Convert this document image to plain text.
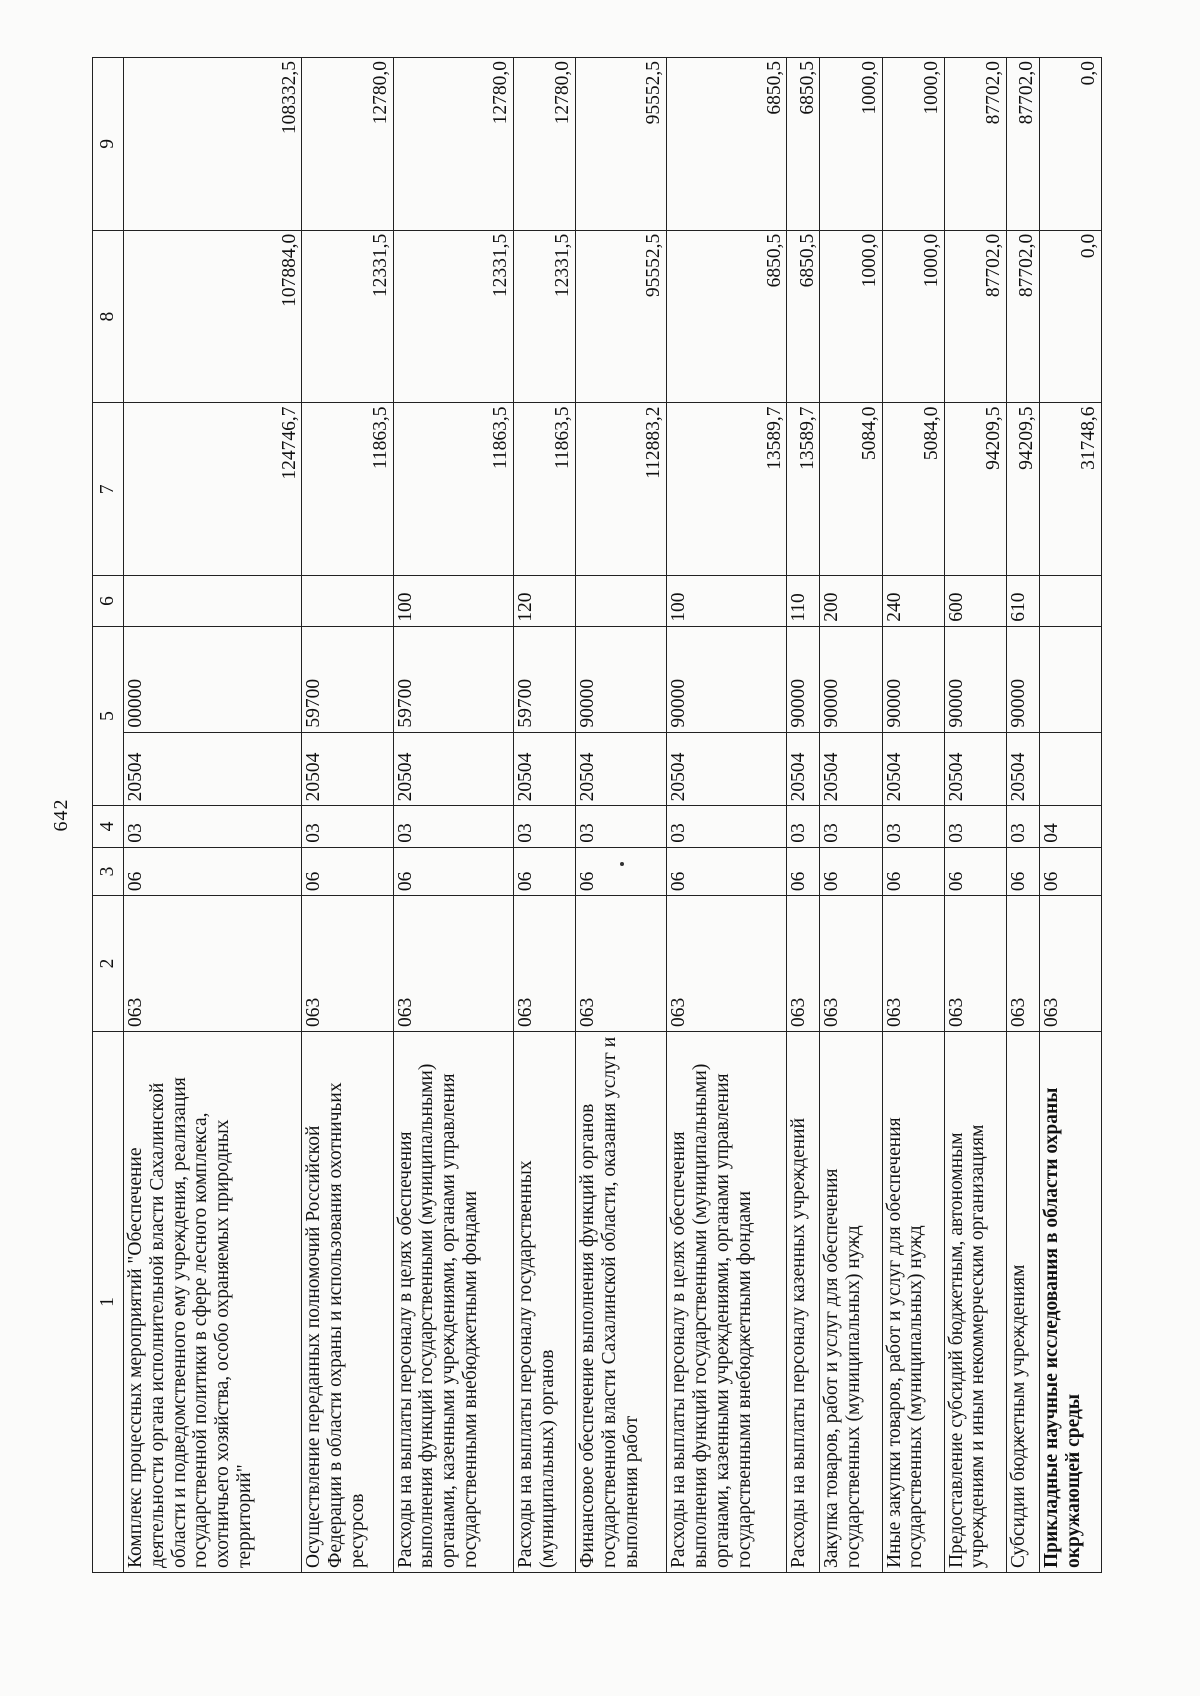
642
1	2	3	4	5		6	7	8	9
Комплекс процессных мероприятий "Обеспечение деятельности органа исполнительной власти Сахалинской области и подведомственного ему учреждения, реализация государственной политики в сфере лесного комплекса, охотничьего хозяйства, особо охраняемых природных территорий"	063	06	03	20504	00000		124746,7	107884,0	108332,5
Осуществление переданных полномочий Российской Федерации в области охраны и использования охотничьих ресурсов	063	06	03	20504	59700		11863,5	12331,5	12780,0
Расходы на выплаты персоналу в целях обеспечения выполнения функций государственными (муниципальными) органами, казенными учреждениями, органами управления государственными внебюджетными фондами	063	06	03	20504	59700	100	11863,5	12331,5	12780,0
Расходы на выплаты персоналу государственных (муниципальных) органов	063	06	03	20504	59700	120	11863,5	12331,5	12780,0
Финансовое обеспечение выполнения функций органов государственной власти Сахалинской области, оказания услуг и выполнения работ	063	06	03	20504	90000		112883,2	95552,5	95552,5
Расходы на выплаты персоналу в целях обеспечения выполнения функций государственными (муниципальными) органами, казенными учреждениями, органами управления государственными внебюджетными фондами	063	06	03	20504	90000	100	13589,7	6850,5	6850,5
Расходы на выплаты персоналу казенных учреждений	063	06	03	20504	90000	110	13589,7	6850,5	6850,5
Закупка товаров, работ и услуг для обеспечения государственных (муниципальных) нужд	063	06	03	20504	90000	200	5084,0	1000,0	1000,0
Иные закупки товаров, работ и услуг для обеспечения государственных (муниципальных) нужд	063	06	03	20504	90000	240	5084,0	1000,0	1000,0
Предоставление субсидий бюджетным, автономным учреждениям и иным некоммерческим организациям	063	06	03	20504	90000	600	94209,5	87702,0	87702,0
Субсидии бюджетным учреждениям	063	06	03	20504	90000	610	94209,5	87702,0	87702,0
Прикладные научные исследования в области охраны окружающей среды	063	06	04				31748,6	0,0	0,0
